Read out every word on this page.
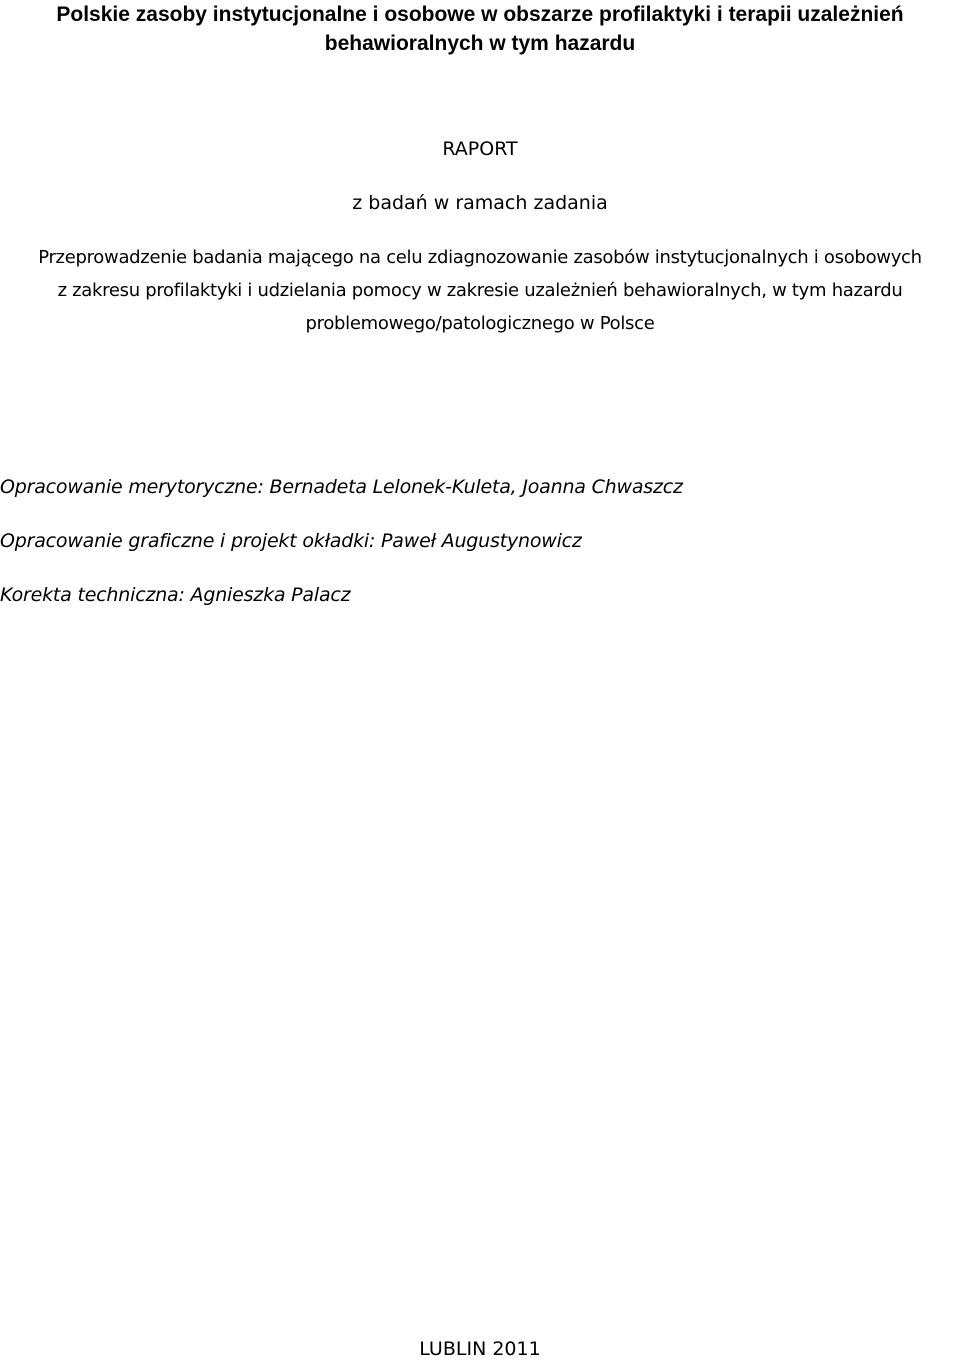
Polskie zasoby instytucjonalne i osobowe w obszarze profilaktyki i terapii uzależnień
behawioralnych w tym hazardu

RAPORT

z badań w ramach zadania

Przeprowadzenie badania mającego na celu zdiagnozowanie zasobów instytucjonalnych i osobowych
z zakresu profilaktyki i udzielania pomocy w zakresie uzależnień behawioralnych, w tym hazardu
problemowego/patologicznego w Polsce

Opracowanie merytoryczne: Bernadeta Lelonek-Kuleta, Joanna Chwaszcz

Opracowanie graficzne i projekt okładki: Paweł Augustynowicz

Korekta techniczna: Agnieszka Palacz

LUBLIN 2011
